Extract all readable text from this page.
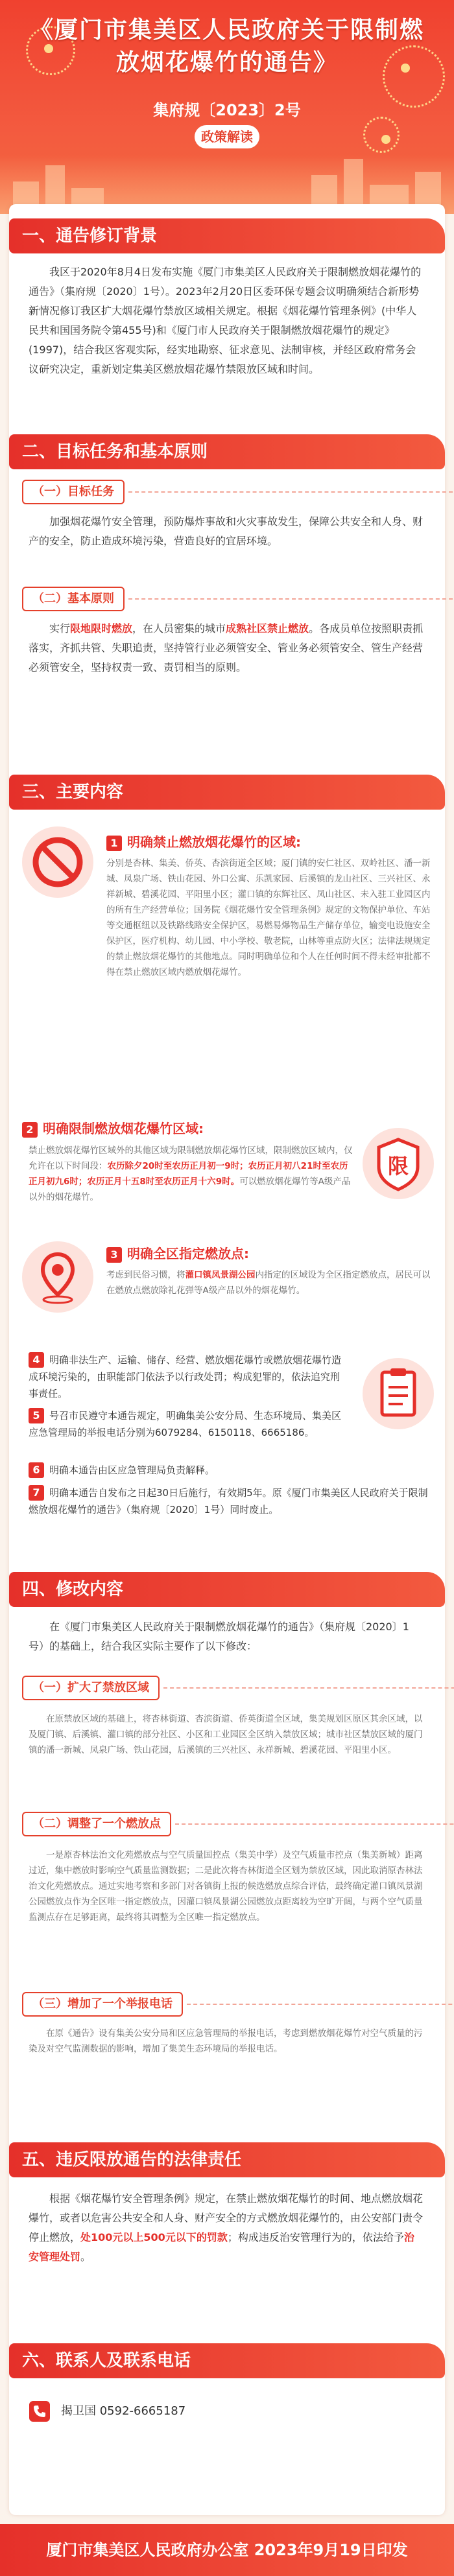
《厦门市集美区人民政府关于限制燃放烟花爆竹的通告》
集府规〔2023〕2号
政策解读
一、通告修订背景
我区于2020年8月4日发布实施《厦门市集美区人民政府关于限制燃放烟花爆竹的通告》（集府规〔2020〕1号）。2023年2月20日区委环保专题会议明确须结合新形势新情况修订我区扩大烟花爆竹禁放区域相关规定。根据《烟花爆竹管理条例》(中华人民共和国国务院令第455号)和《厦门市人民政府关于限制燃放烟花爆竹的规定》(1997)，结合我区客观实际，经实地勘察、征求意见、法制审核，并经区政府常务会议研究决定，重新划定集美区燃放烟花爆竹禁限放区域和时间。
二、目标任务和基本原则
（一）目标任务
加强烟花爆竹安全管理，预防爆炸事故和火灾事故发生，保障公共安全和人身、财产的安全，防止造成环境污染，营造良好的宜居环境。
（二）基本原则
实行限地限时燃放，在人员密集的城市成熟社区禁止燃放。各成员单位按照职责抓落实，齐抓共管、失职追责，坚持管行业必须管安全、管业务必须管安全、管生产经营必须管安全，坚持权责一致、责罚相当的原则。
三、主要内容
1 明确禁止燃放烟花爆竹的区域:
分别是杏林、集美、侨英、杏滨街道全区域；厦门镇的安仁社区、双岭社区、潘一新城、凤泉广场、铁山花园、外口公寓、乐凯家园、后溪镇的龙山社区、三兴社区、永祥新城、碧溪花园、平阳里小区；灌口镇的东辉社区、凤山社区、未入驻工业园区内的所有生产经营单位；国务院《烟花爆竹安全管理条例》规定的文物保护单位、车站等交通枢纽以及铁路线路安全保护区，易燃易爆物品生产储存单位，输变电设施安全保护区，医疗机构、幼儿园、中小学校、敬老院，山林等重点防火区；法律法规规定的禁止燃放烟花爆竹的其他地点。同时明确单位和个人在任何时间不得未经审批都不得在禁止燃放区域内燃放烟花爆竹。
2 明确限制燃放烟花爆竹区域:
禁止燃放烟花爆竹区域外的其他区域为限制燃放烟花爆竹区域，限制燃放区域内，仅允许在以下时间段：农历除夕20时至农历正月初一9时；农历正月初八21时至农历正月初九6时；农历正月十五8时至农历正月十六9时。可以燃放烟花爆竹等A级产品以外的烟花爆竹。
限
3 明确全区指定燃放点:
考虑到民俗习惯，将灌口镇凤景湖公园内指定的区域设为全区指定燃放点，居民可以在燃放点燃放除礼花弹等A级产品以外的烟花爆竹。
4 明确非法生产、运输、储存、经营、燃放烟花爆竹或燃放烟花爆竹造成环境污染的，由职能部门依法予以行政处罚；构成犯罪的，依法追究刑事责任。
5 号召市民遵守本通告规定，明确集美公安分局、生态环境局、集美区应急管理局的举报电话分别为6079284、6150118、6665186。
6 明确本通告由区应急管理局负责解释。
7 明确本通告自发布之日起30日后施行，有效期5年。原《厦门市集美区人民政府关于限制燃放烟花爆竹的通告》（集府规〔2020〕1号）同时废止。
四、修改内容
在《厦门市集美区人民政府关于限制燃放烟花爆竹的通告》（集府规〔2020〕1号）的基础上，结合我区实际主要作了以下修改：
（一）扩大了禁放区域
在原禁放区域的基础上，将杏林街道、杏滨街道、侨英街道全区域，集美规划区原区其余区域，以及厦门镇、后溪镇、灌口镇的部分社区、小区和工业园区全区纳入禁放区域；城市社区禁放区域的厦门镇的潘一新城、凤泉广场、铁山花园，后溪镇的三兴社区、永祥新城、碧溪花园、平阳里小区。
（二）调整了一个燃放点
一是原杏林法治文化苑燃放点与空气质量国控点（集美中学）及空气质量市控点（集美新城）距离过近，集中燃放时影响空气质量监测数据；二是此次将杏林街道全区划为禁放区域，因此取消原杏林法治文化苑燃放点。通过实地考察和多部门对各镇街上报的候选燃放点综合评估，最终确定灌口镇凤景湖公园燃放点作为全区唯一指定燃放点，因灌口镇凤景湖公园燃放点距离较为空旷开阔，与两个空气质量监测点存在足够距离，最终将其调整为全区唯一指定燃放点。
（三）增加了一个举报电话
在原《通告》设有集美公安分局和区应急管理局的举报电话，考虑到燃放烟花爆竹对空气质量的污染及对空气监测数据的影响，增加了集美生态环境局的举报电话。
五、违反限放通告的法律责任
根据《烟花爆竹安全管理条例》规定，在禁止燃放烟花爆竹的时间、地点燃放烟花爆竹，或者以危害公共安全和人身、财产安全的方式燃放烟花爆竹的，由公安部门责令停止燃放，处100元以上500元以下的罚款；构成违反治安管理行为的，依法给予治安管理处罚。
六、联系人及联系电话
揭卫国 0592-6665187
厦门市集美区人民政府办公室 2023年9月19日印发
